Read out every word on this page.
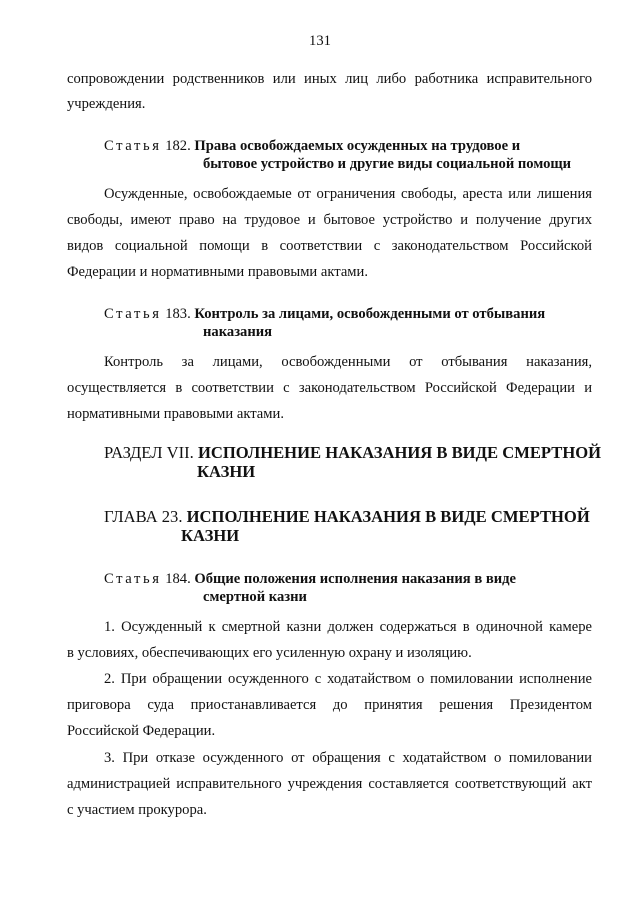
131
сопровождении родственников или иных лиц либо работника исправительного
учреждения.
Статья 182. Права освобождаемых осужденных на трудовое и
бытовое устройство и другие виды социальной помощи
Осужденные, освобождаемые от ограничения свободы, ареста или лишения
свободы, имеют право на трудовое и бытовое устройство и получение других
видов социальной помощи в соответствии с законодательством Российской
Федерации и нормативными правовыми актами.
Статья 183. Контроль за лицами, освобожденными от отбывания
наказания
Контроль за лицами, освобожденными от отбывания наказания,
осуществляется в соответствии с законодательством Российской Федерации и
нормативными правовыми актами.
РАЗДЕЛ VII. ИСПОЛНЕНИЕ НАКАЗАНИЯ В ВИДЕ СМЕРТНОЙ
КАЗНИ
ГЛАВА 23. ИСПОЛНЕНИЕ НАКАЗАНИЯ В ВИДЕ СМЕРТНОЙ
КАЗНИ
Статья 184. Общие положения исполнения наказания в виде
смертной казни
1. Осужденный к смертной казни должен содержаться в одиночной камере
в условиях, обеспечивающих его усиленную охрану и изоляцию.
2. При обращении осужденного с ходатайством о помиловании исполнение
приговора суда приостанавливается до принятия решения Президентом
Российской Федерации.
3. При отказе осужденного от обращения с ходатайством о помиловании
администрацией исправительного учреждения составляется соответствующий акт
с участием прокурора.
